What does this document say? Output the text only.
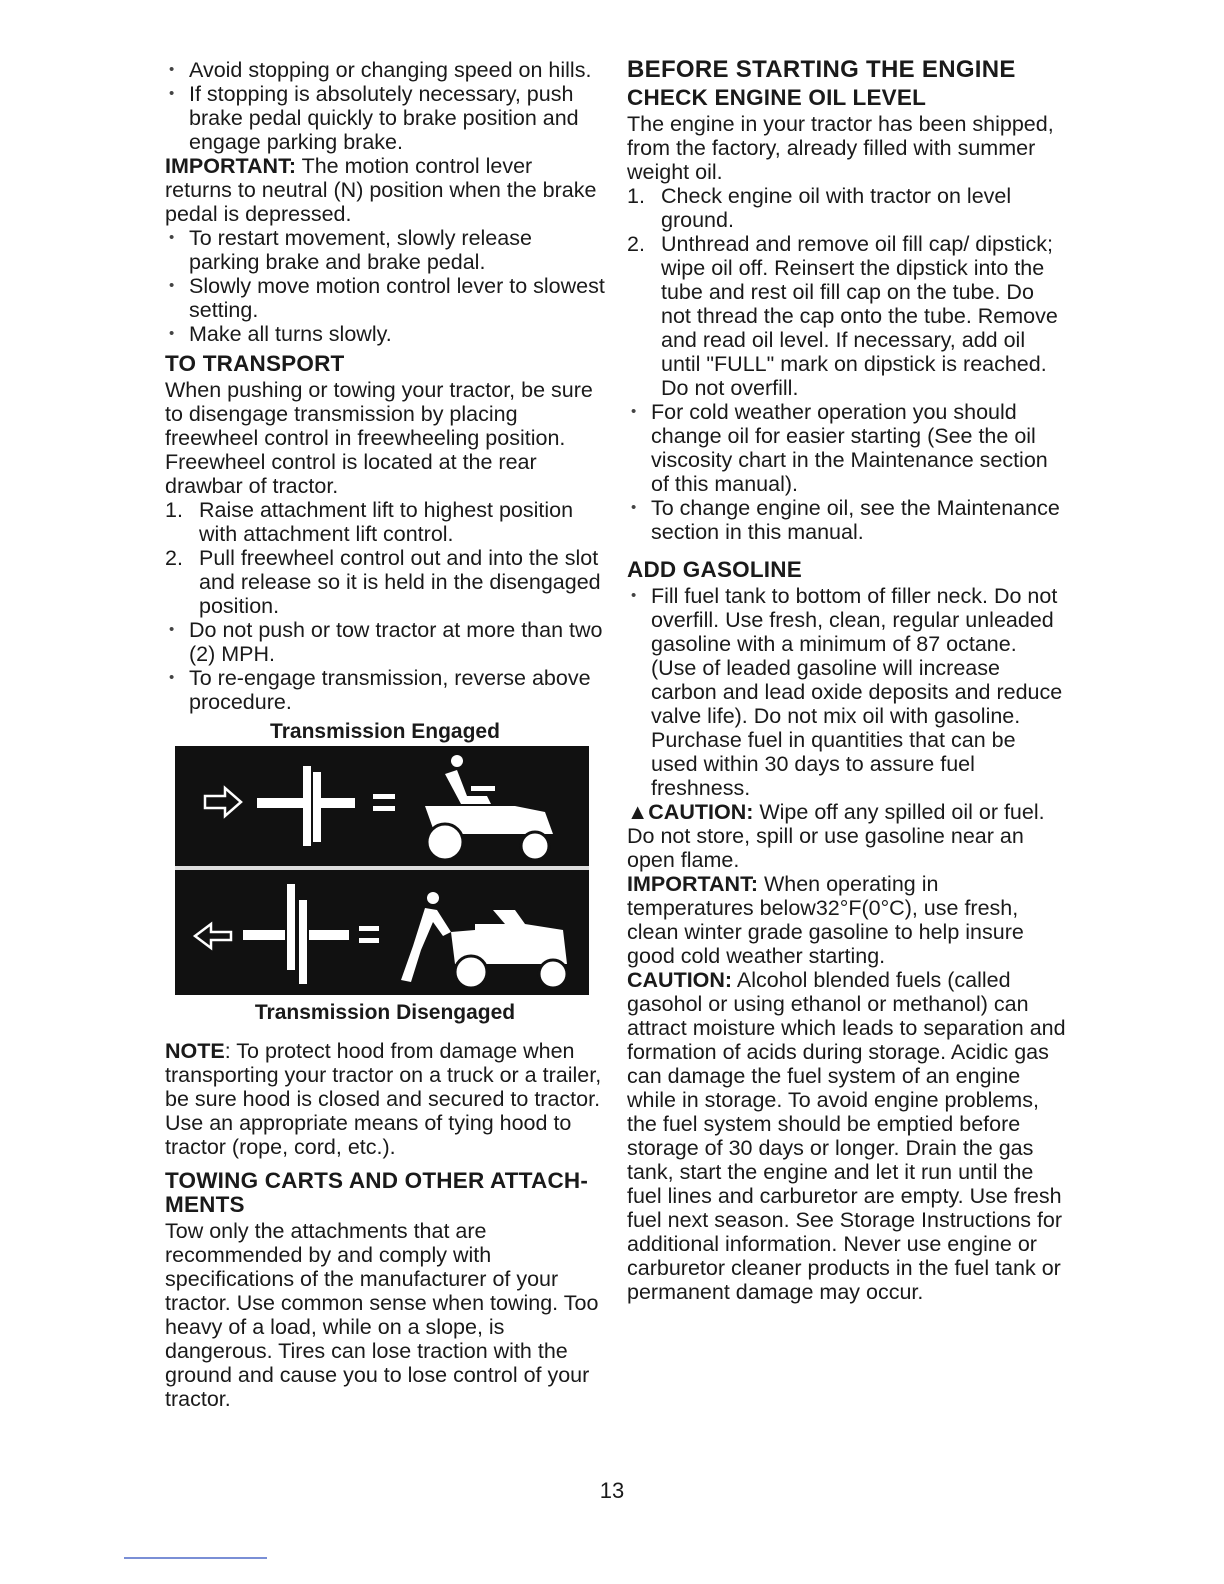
• Avoid stopping or changing speed on hills.
• If stopping is absolutely necessary, push brake pedal quickly to brake position and engage parking brake.

IMPORTANT: The motion control lever returns to neutral (N) position when the brake pedal is depressed.

• To restart movement, slowly release parking brake and brake pedal.
• Slowly move motion control lever to slowest setting.
• Make all turns slowly.
TO TRANSPORT

When pushing or towing your tractor, be sure to disengage transmission by placing freewheel control in freewheeling position. Freewheel control is located at the rear drawbar of tractor.

1. Raise attachment lift to highest position with attachment lift control.
2. Pull freewheel control out and into the slot and release so it is held in the disengaged position.
• Do not push or tow tractor at more than two (2) MPH.
• To re-engage transmission, reverse above procedure.
Transmission Engaged
Transmission Disengaged

NOTE: To protect hood from damage when transporting your tractor on a truck or a trailer, be sure hood is closed and secured to tractor. Use an appropriate means of tying hood to tractor (rope, cord, etc.).

TOWING CARTS AND OTHER ATTACH-MENTS

Tow only the attachments that are recommended by and comply with specifications of the manufacturer of your tractor. Use common sense when towing. Too heavy of a load, while on a slope, is dangerous. Tires can lose traction with the ground and cause you to lose control of your tractor.

BEFORE STARTING THE ENGINE
CHECK ENGINE OIL LEVEL

The engine in your tractor has been shipped, from the factory, already filled with summer weight oil.

1. Check engine oil with tractor on level ground.
2. Unthread and remove oil fill cap/ dipstick; wipe oil off. Reinsert the dipstick into the tube and rest oil fill cap on the tube. Do not thread the cap onto the tube. Remove and read oil level. If necessary, add oil until "FULL" mark on dipstick is reached. Do not overfill.
• For cold weather operation you should change oil for easier starting (See the oil viscosity chart in the Maintenance section of this manual).
• To change engine oil, see the Maintenance section in this manual.
ADD GASOLINE
• Fill fuel tank to bottom of filler neck. Do not overfill. Use fresh, clean, regular unleaded gasoline with a minimum of 87 octane. (Use of leaded gasoline will increase carbon and lead oxide deposits and reduce valve life). Do not mix oil with gasoline. Purchase fuel in quantities that can be used within 30 days to assure fuel freshness.

▲CAUTION: Wipe off any spilled oil or fuel. Do not store, spill or use gasoline near an open flame.

IMPORTANT: When operating in temperatures below32°F(0°C), use fresh, clean winter grade gasoline to help insure good cold weather starting.

CAUTION: Alcohol blended fuels (called gasohol or using ethanol or methanol) can attract moisture which leads to separation and formation of acids during storage. Acidic gas can damage the fuel system of an engine while in storage. To avoid engine problems, the fuel system should be emptied before storage of 30 days or longer. Drain the gas tank, start the engine and let it run until the fuel lines and carburetor are empty. Use fresh fuel next season. See Storage Instructions for additional information. Never use engine or carburetor cleaner products in the fuel tank or permanent damage may occur.

13
